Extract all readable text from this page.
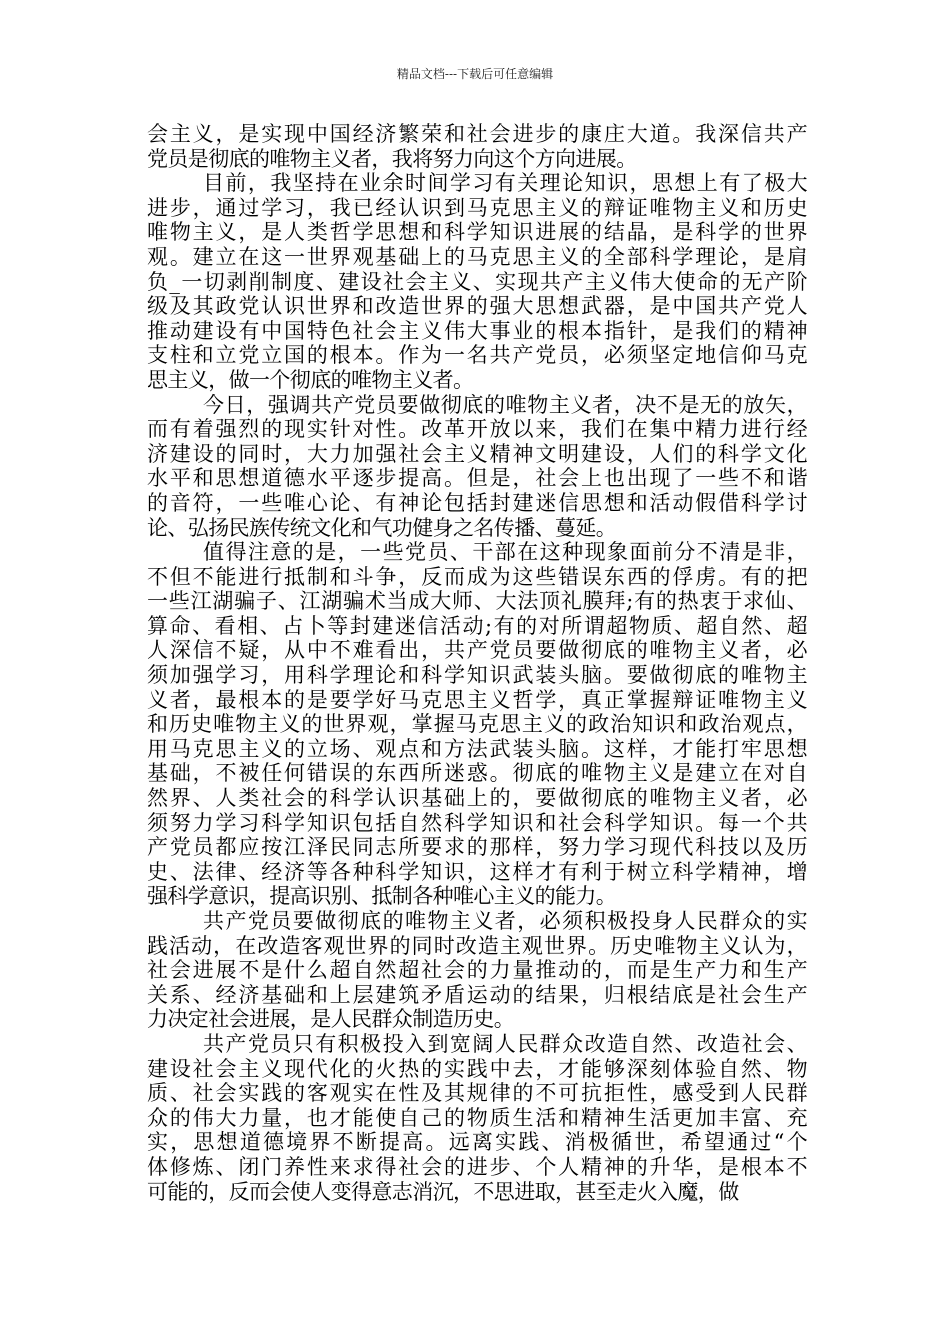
精品文档---下载后可任意编辑
会主义，是实现中国经济繁荣和社会进步的康庄大道。我深信共产
党员是彻底的唯物主义者，我将努力向这个方向进展。
目前，我坚持在业余时间学习有关理论知识，思想上有了极大
进步，通过学习，我已经认识到马克思主义的辩证唯物主义和历史
唯物主义，是人类哲学思想和科学知识进展的结晶，是科学的世界
观。建立在这一世界观基础上的马克思主义的全部科学理论，是肩
负_一切剥削制度、建设社会主义、实现共产主义伟大使命的无产阶
级及其政党认识世界和改造世界的强大思想武器，是中国共产党人
推动建设有中国特色社会主义伟大事业的根本指针，是我们的精神
支柱和立党立国的根本。作为一名共产党员，必须坚定地信仰马克
思主义，做一个彻底的唯物主义者。
今日，强调共产党员要做彻底的唯物主义者，决不是无的放矢，
而有着强烈的现实针对性。改革开放以来，我们在集中精力进行经
济建设的同时，大力加强社会主义精神文明建设，人们的科学文化
水平和思想道德水平逐步提高。但是，社会上也出现了一些不和谐
的音符，一些唯心论、有神论包括封建迷信思想和活动假借科学讨
论、弘扬民族传统文化和气功健身之名传播、蔓延。
值得注意的是，一些党员、干部在这种现象面前分不清是非，
不但不能进行抵制和斗争，反而成为这些错误东西的俘虏。有的把
一些江湖骗子、江湖骗术当成大师、大法顶礼膜拜;有的热衷于求仙、
算命、看相、占卜等封建迷信活动;有的对所谓超物质、超自然、超
人深信不疑，从中不难看出，共产党员要做彻底的唯物主义者，必
须加强学习，用科学理论和科学知识武装头脑。要做彻底的唯物主
义者，最根本的是要学好马克思主义哲学，真正掌握辩证唯物主义
和历史唯物主义的世界观，掌握马克思主义的政治知识和政治观点，
用马克思主义的立场、观点和方法武装头脑。这样，才能打牢思想
基础，不被任何错误的东西所迷惑。彻底的唯物主义是建立在对自
然界、人类社会的科学认识基础上的，要做彻底的唯物主义者，必
须努力学习科学知识包括自然科学知识和社会科学知识。每一个共
产党员都应按江泽民同志所要求的那样，努力学习现代科技以及历
史、法律、经济等各种科学知识，这样才有利于树立科学精神，增
强科学意识，提高识别、抵制各种唯心主义的能力。
共产党员要做彻底的唯物主义者，必须积极投身人民群众的实
践活动，在改造客观世界的同时改造主观世界。历史唯物主义认为，
社会进展不是什么超自然超社会的力量推动的，而是生产力和生产
关系、经济基础和上层建筑矛盾运动的结果，归根结底是社会生产
力决定社会进展，是人民群众制造历史。
共产党员只有积极投入到宽阔人民群众改造自然、改造社会、
建设社会主义现代化的火热的实践中去，才能够深刻体验自然、物
质、社会实践的客观实在性及其规律的不可抗拒性，感受到人民群
众的伟大力量，也才能使自己的物质生活和精神生活更加丰富、充
实，思想道德境界不断提高。远离实践、消极循世，希望通过“个
体修炼、闭门养性来求得社会的进步、个人精神的升华，是根本不
可能的，反而会使人变得意志消沉，不思进取，甚至走火入魔，做
